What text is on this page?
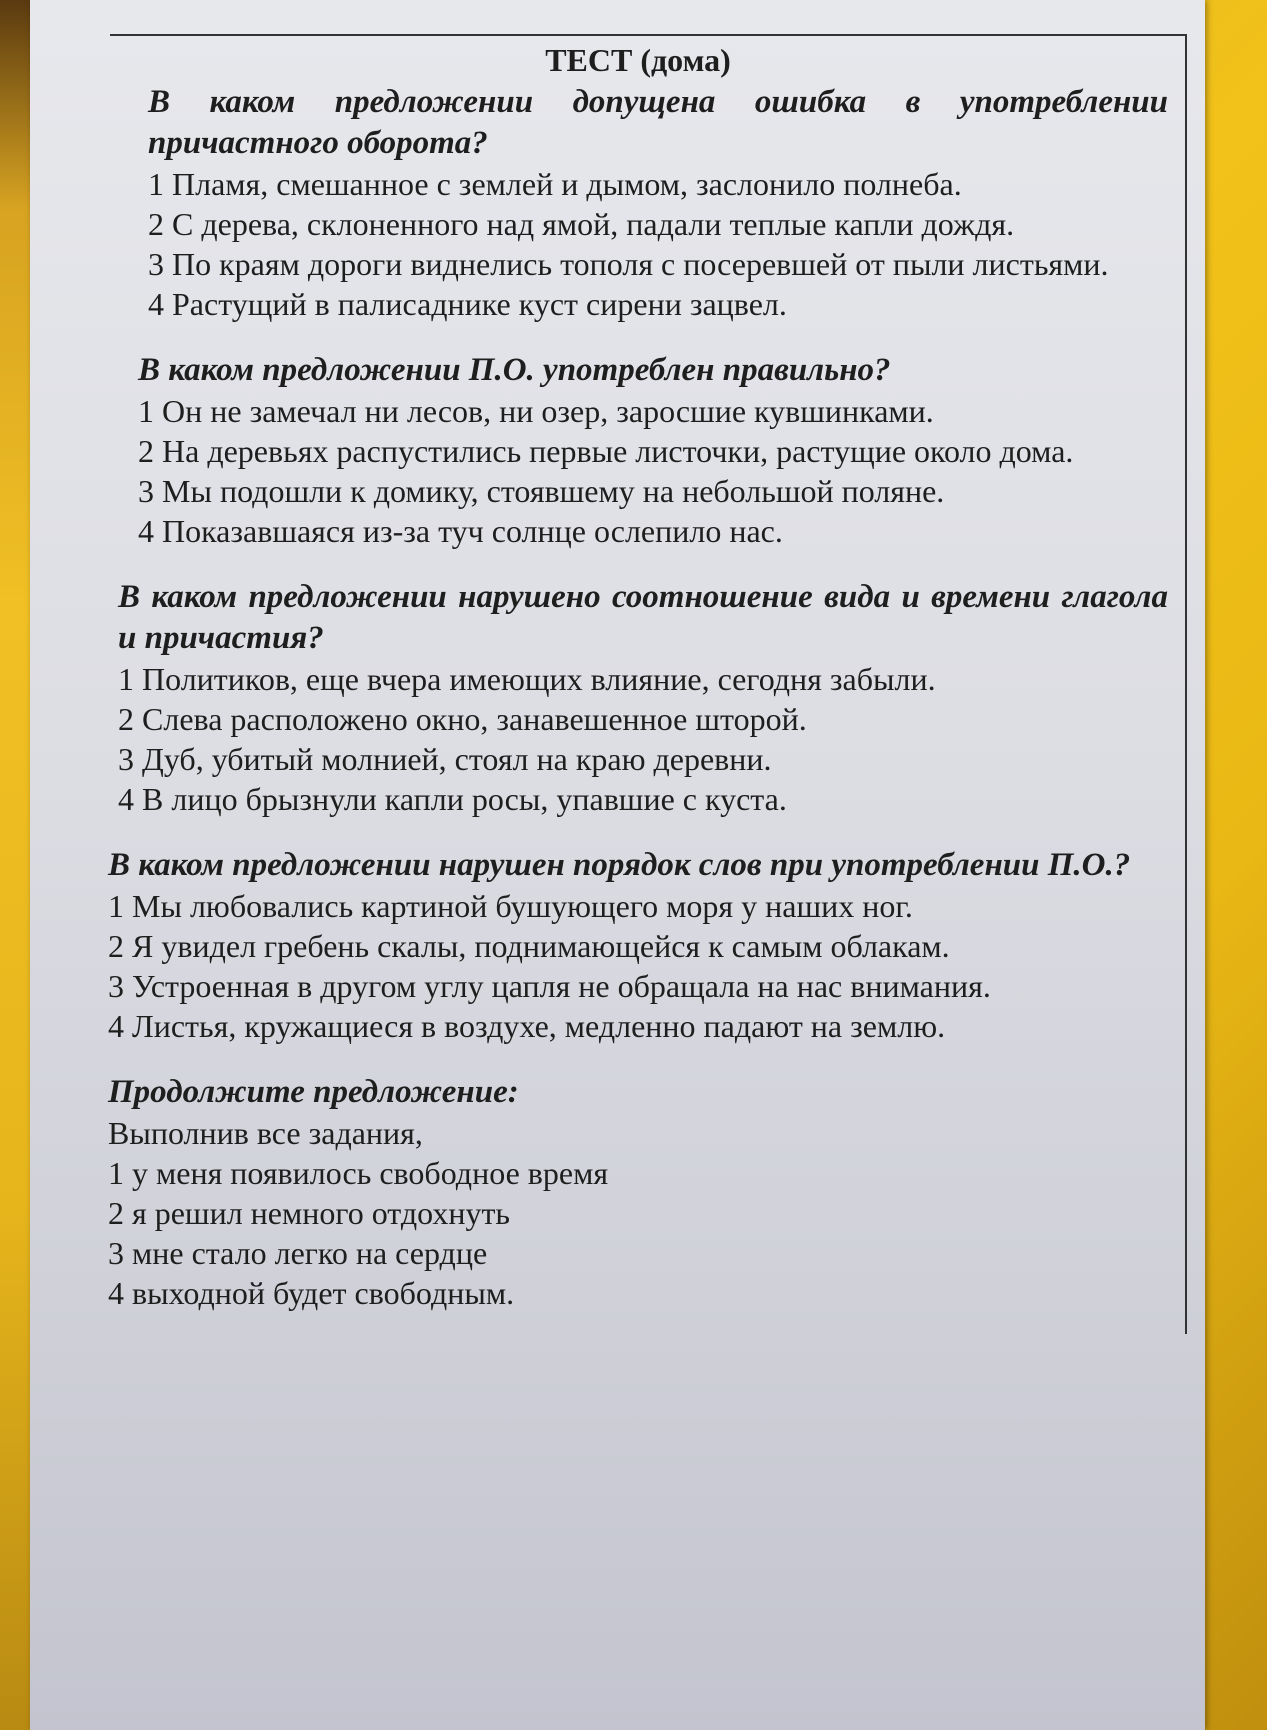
ТЕСТ (дома)

В каком предложении допущена ошибка в употреблении причастного оборота?

1 Пламя, смешанное с землей и дымом, заслонило полнеба.

2 С дерева, склоненного над ямой, падали теплые капли дождя.

3 По краям дороги виднелись тополя с посеревшей от пыли листьями.

4 Растущий в палисаднике куст сирени зацвел.

В каком предложении П.О. употреблен правильно?

1 Он не замечал ни лесов, ни озер, заросшие кувшинками.

2 На деревьях распустились первые листочки, растущие около дома.

3 Мы подошли к домику, стоявшему на небольшой поляне.

4 Показавшаяся из-за туч солнце ослепило нас.

В каком предложении нарушено соотношение вида и времени глагола и причастия?

1 Политиков, еще вчера имеющих влияние, сегодня забыли.

2 Слева расположено окно, занавешенное шторой.

3 Дуб, убитый молнией, стоял на краю деревни.

4 В лицо брызнули капли росы, упавшие с куста.

В каком предложении нарушен порядок слов при употреблении П.О.?

1 Мы любовались картиной бушующего моря у наших ног.

2 Я увидел гребень скалы, поднимающейся к самым облакам.

3 Устроенная в другом углу цапля не обращала на нас внимания.

4 Листья, кружащиеся в воздухе, медленно падают на землю.

Продолжите предложение:

Выполнив все задания,

1 у меня появилось свободное время

2 я решил немного отдохнуть

3 мне стало легко на сердце

4 выходной будет свободным.
